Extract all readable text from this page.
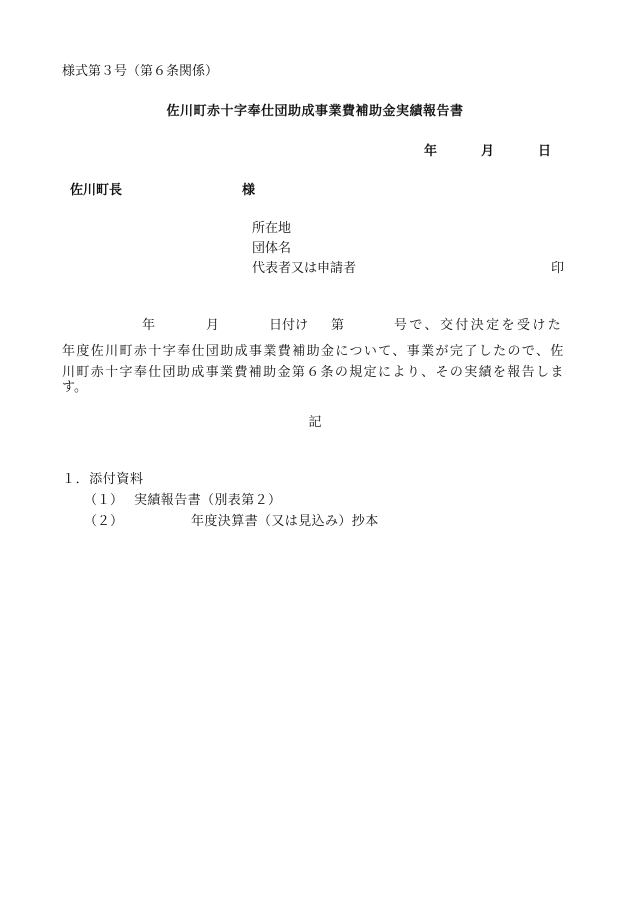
様式第３号（第６条関係）
佐川町赤十字奉仕団助成事業費補助金実績報告書
年	月	日
佐川町長	様
所在地
団体名
代表者又は申請者	印
年	月	日付け 第	号で、交付決定を受けた
年度佐川町赤十字奉仕団助成事業費補助金について、事業が完了したので、佐
川町赤十字奉仕団助成事業費補助金第６条の規定により、その実績を報告しま
す。
記
１．添付資料
（１） 実績報告書（別表第２）
（２）	年度決算書（又は見込み）抄本
